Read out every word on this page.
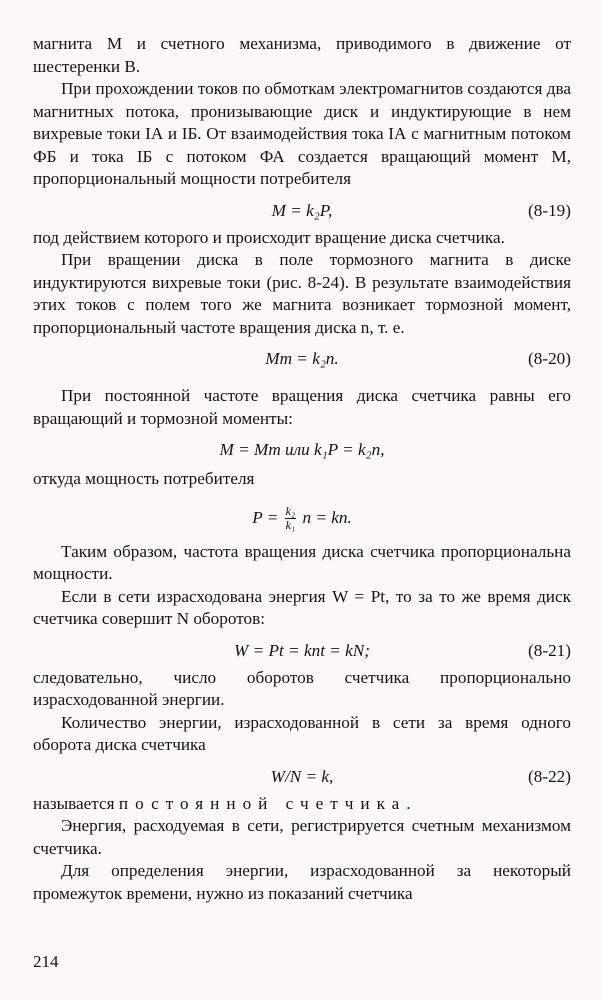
магнита M и счетного механизма, приводимого в движение от шестеренки B.

При прохождении токов по обмоткам электромагнитов создаются два магнитных потока, пронизывающие диск и индуктирующие в нем вихревые токи IА и IБ. От взаимодействия тока IА с магнитным потоком ФБ и тока IБ с потоком ФА создается вращающий момент M, пропорциональный мощности потребителя

M = k₂P,	(8-19)

под действием которого и происходит вращение диска счетчика.

При вращении диска в поле тормозного магнита в диске индуктируются вихревые токи (рис. 8-24). В результате взаимодействия этих токов с полем того же магнита возникает тормозной момент, пропорциональный частоте вращения диска n, т. е.

Mт = k₂n.	(8-20)

При постоянной частоте вращения диска счетчика равны его вращающий и тормозной моменты:

M = Mт или k₁P = k₂n,

откуда мощность потребителя

$P = \frac{\text{k₂}}{\text{k₁}}$ n = kn.

Таким образом, частота вращения диска счетчика пропорциональна мощности.

Если в сети израсходована энергия W = Pt, то за то же время диск счетчика совершит N оборотов:

W = Pt = knt = kN;	(8-21)

следовательно, число оборотов счетчика пропорционально израсходованной энергии.

Количество энергии, израсходованной в сети за время одного оборота диска счетчика

W/N = k,	(8-22)

называется постоянной счетчика.

Энергия, расходуемая в сети, регистрируется счетным механизмом счетчика.

Для определения энергии, израсходованной за некоторый промежуток времени, нужно из показаний счетчика

214
